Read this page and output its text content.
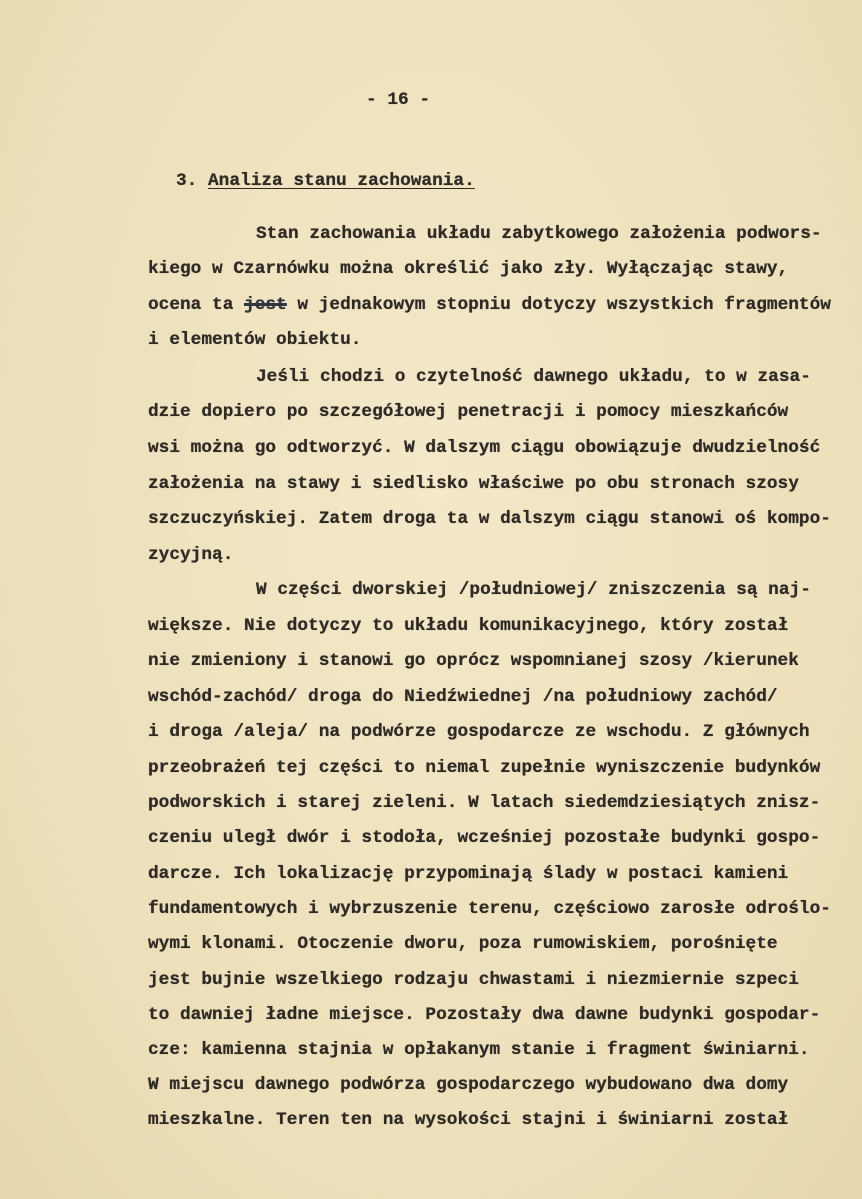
- 16 -
3. Analiza stanu zachowania.
Stan zachowania układu zabytkowego założenia podwors-
kiego w Czarnówku można określić jako zły. Wyłączając stawy,
ocena ta jest w jednakowym stopniu dotyczy wszystkich fragmentów
i elementów obiektu.
Jeśli chodzi o czytelność dawnego układu, to w zasa-
dzie dopiero po szczegółowej penetracji i pomocy mieszkańców
wsi można go odtworzyć. W dalszym ciągu obowiązuje dwudzielność
założenia na stawy i siedlisko właściwe po obu stronach szosy
szczuczyńskiej. Zatem droga ta w dalszym ciągu stanowi oś kompo-
zycyjną.
W części dworskiej /południowej/ zniszczenia są naj-
większe. Nie dotyczy to układu komunikacyjnego, który został
nie zmieniony i stanowi go oprócz wspomnianej szosy /kierunek
wschód-zachód/ droga do Niedźwiednej /na południowy zachód/
i droga /aleja/ na podwórze gospodarcze ze wschodu. Z głównych
przeobrażeń tej części to niemal zupełnie wyniszczenie budynków
podworskich i starej zieleni. W latach siedemdziesiątych znisz-
czeniu uległ dwór i stodoła, wcześniej pozostałe budynki gospo-
darcze. Ich lokalizację przypominają ślady w postaci kamieni
fundamentowych i wybrzuszenie terenu, częściowo zarosłe odroślo-
wymi klonami. Otoczenie dworu, poza rumowiskiem, porośnięte
jest bujnie wszelkiego rodzaju chwastami i niezmiernie szpeci
to dawniej ładne miejsce. Pozostały dwa dawne budynki gospodar-
cze: kamienna stajnia w opłakanym stanie i fragment świniarni.
W miejscu dawnego podwórza gospodarczego wybudowano dwa domy
mieszkalne. Teren ten na wysokości stajni i świniarni został
